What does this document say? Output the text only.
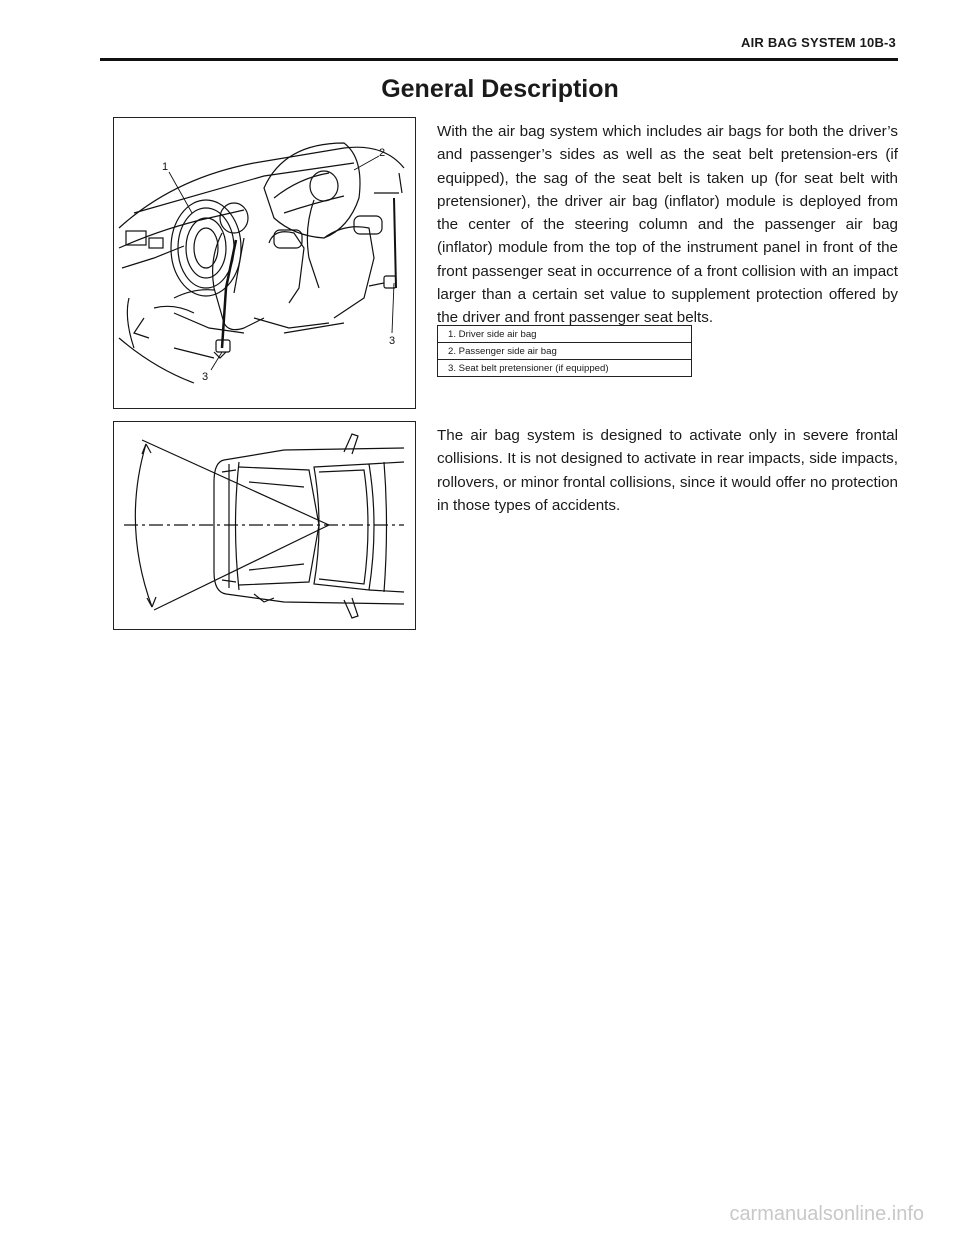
AIR BAG SYSTEM 10B-3
General Description
1
2
3
3
With the air bag system which includes air bags for both the driver’s and passenger’s sides as well as the seat belt pretension-ers (if equipped), the sag of the seat belt is taken up (for seat belt with pretensioner), the driver air bag (inflator) module is deployed from the center of the steering column and the passenger air bag (inflator) module from the top of the instrument panel in front of the front passenger seat in occurrence of a front collision with an impact larger than a certain set value to supplement protection offered by the driver and front passenger seat belts.
1. Driver side air bag
2. Passenger side air bag
3. Seat belt pretensioner (if equipped)
The air bag system is designed to activate only in severe frontal collisions. It is not designed to activate in rear impacts, side impacts, rollovers, or minor frontal collisions, since it would offer no protection in those types of accidents.
carmanualsonline.info
